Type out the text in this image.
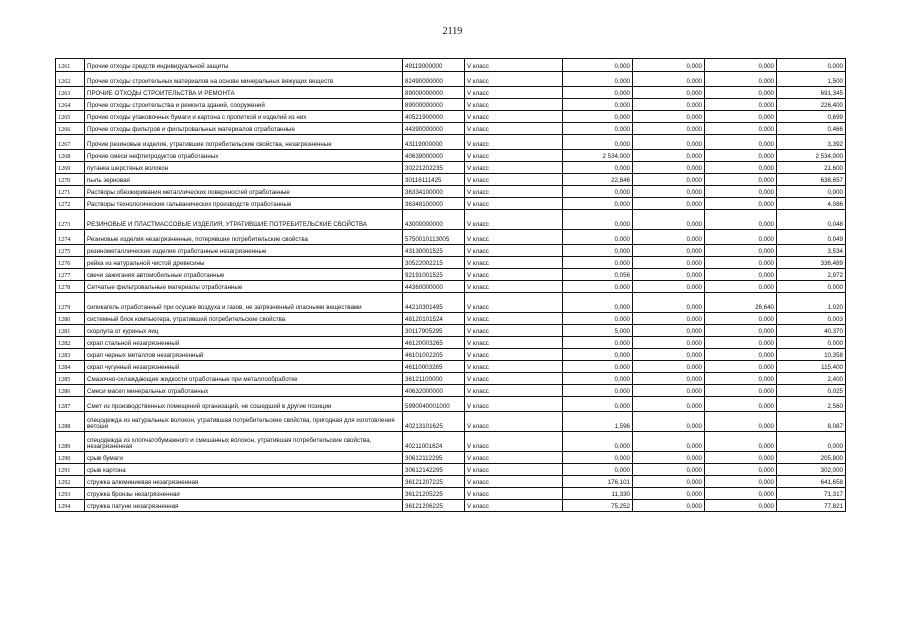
2119
1261	Прочие отходы средств индивидуальной защиты	49119000000	V класс	0,000	0,000	0,000	0,000
1262	Прочие отходы строительных материалов на основе минеральных вяжущих веществ	82490000000	V класс	0,000	0,000	0,000	1,500
1263	ПРОЧИЕ ОТХОДЫ СТРОИТЕЛЬСТВА И РЕМОНТА	89000000000	V класс	0,000	0,000	0,000	691,345
1264	Прочие отходы строительства и ремонта зданий, сооружений	89000000000	V класс	0,000	0,000	0,000	226,400
1265	Прочие отходы упаковочных бумаги и картона с пропиткой и изделий из них	40521900000	V класс	0,000	0,000	0,000	0,699
1266	Прочие отходы фильтров и фильтровальных материалов отработанные	44390000000	V класс	0,000	0,000	0,000	0,466
1267	Прочие резиновые изделия, утратившие потребительские свойства, незагрязненные	43119000000	V класс	0,000	0,000	0,000	3,392
1268	Прочие смеси нефтепродуктов отработанных	40639000000	V класс	2 534,000	0,000	0,000	2 534,000
1269	путанка шерстяных волокон	30221202235	V класс	0,000	0,000	0,000	21,600
1270	пыль зерновая	30116111425	V класс	22,846	0,000	0,000	638,657
1271	Растворы обезжиривания металлических поверхностей отработанные	36334100000	V класс	0,000	0,000	0,000	0,000
1272	Растворы технологические гальванических производств отработанные	36348100000	V класс	0,000	0,000	0,000	4,086
1273	РЕЗИНОВЫЕ И ПЛАСТМАССОВЫЕ ИЗДЕЛИЯ, УТРАТИВШИЕ ПОТРЕБИТЕЛЬСКИЕ СВОЙСТВА	43000000000	V класс	0,000	0,000	0,000	0,048
1274	Резиновые изделия незагрязненные, потерявшие потребительские свойства	5750010113005	V класс	0,000	0,000	0,000	0,049
1275	резинометаллические изделия отработанные незагрязненные	43130001525	V класс	0,000	0,000	0,000	3,534
1276	рейка из натуральной чистой древесины	30522002215	V класс	0,000	0,000	0,000	336,489
1277	свечи зажигания автомобильные отработанные	92191001525	V класс	0,056	0,000	0,000	2,972
1278	Сетчатые фильтровальные материалы отработанные	44360000000	V класс	0,000	0,000	0,000	0,000
1279	силикагель отработанный при осушке воздуха и газов, не загрязненный опасными веществами	44210301495	V класс	0,000	0,000	26,640	1,020
1280	системный блок компьютера, утративший потребительские свойства	48120101524	V класс	0,000	0,000	0,000	0,003
1281	скорлупа от куриных яиц	30117905295	V класс	5,000	0,000	0,000	40,370
1282	скрап стальной незагрязненный	46120003265	V класс	0,000	0,000	0,000	0,000
1283	скрап черных металлов незагрязненный	46101002205	V класс	0,000	0,000	0,000	10,358
1284	скрап чугунный незагрязненный	46110003265	V класс	0,000	0,000	0,000	115,400
1285	Смазочно-охлаждающие жидкости отработанные при металлообработке	36121100000	V класс	0,000	0,000	0,000	2,400
1286	Смеси масел минеральных отработанных	40632000000	V класс	0,000	0,000	0,000	0,025
1287	Смет из производственных помещений организаций, не сошедший в другие позиции	5990040001000	V класс	0,000	0,000	0,000	2,560
1288	спецодежда из натуральных волокон, утратившая потребительские свойства, пригодная для изготовления ветоши	40213101625	V класс	1,596	0,000	0,000	8,087
1289	спецодежда из хлопчатобумажного и смешанных волокон, утратившая потребительские свойства, незагрязненная	40211001624	V класс	0,000	0,000	0,000	0,000
1290	срыв бумаги	30612112295	V класс	0,000	0,000	0,000	205,800
1291	срыв картона	30612142295	V класс	0,000	0,000	0,000	302,000
1292	стружка алюминиевая незагрязненная	36121207225	V класс	176,101	0,000	0,000	641,658
1293	стружка бронзы незагрязненная	36121205225	V класс	11,330	0,000	0,000	71,317
1294	стружка латуни незагрязненная	36121206225	V класс	75,252	0,000	0,000	77,821
